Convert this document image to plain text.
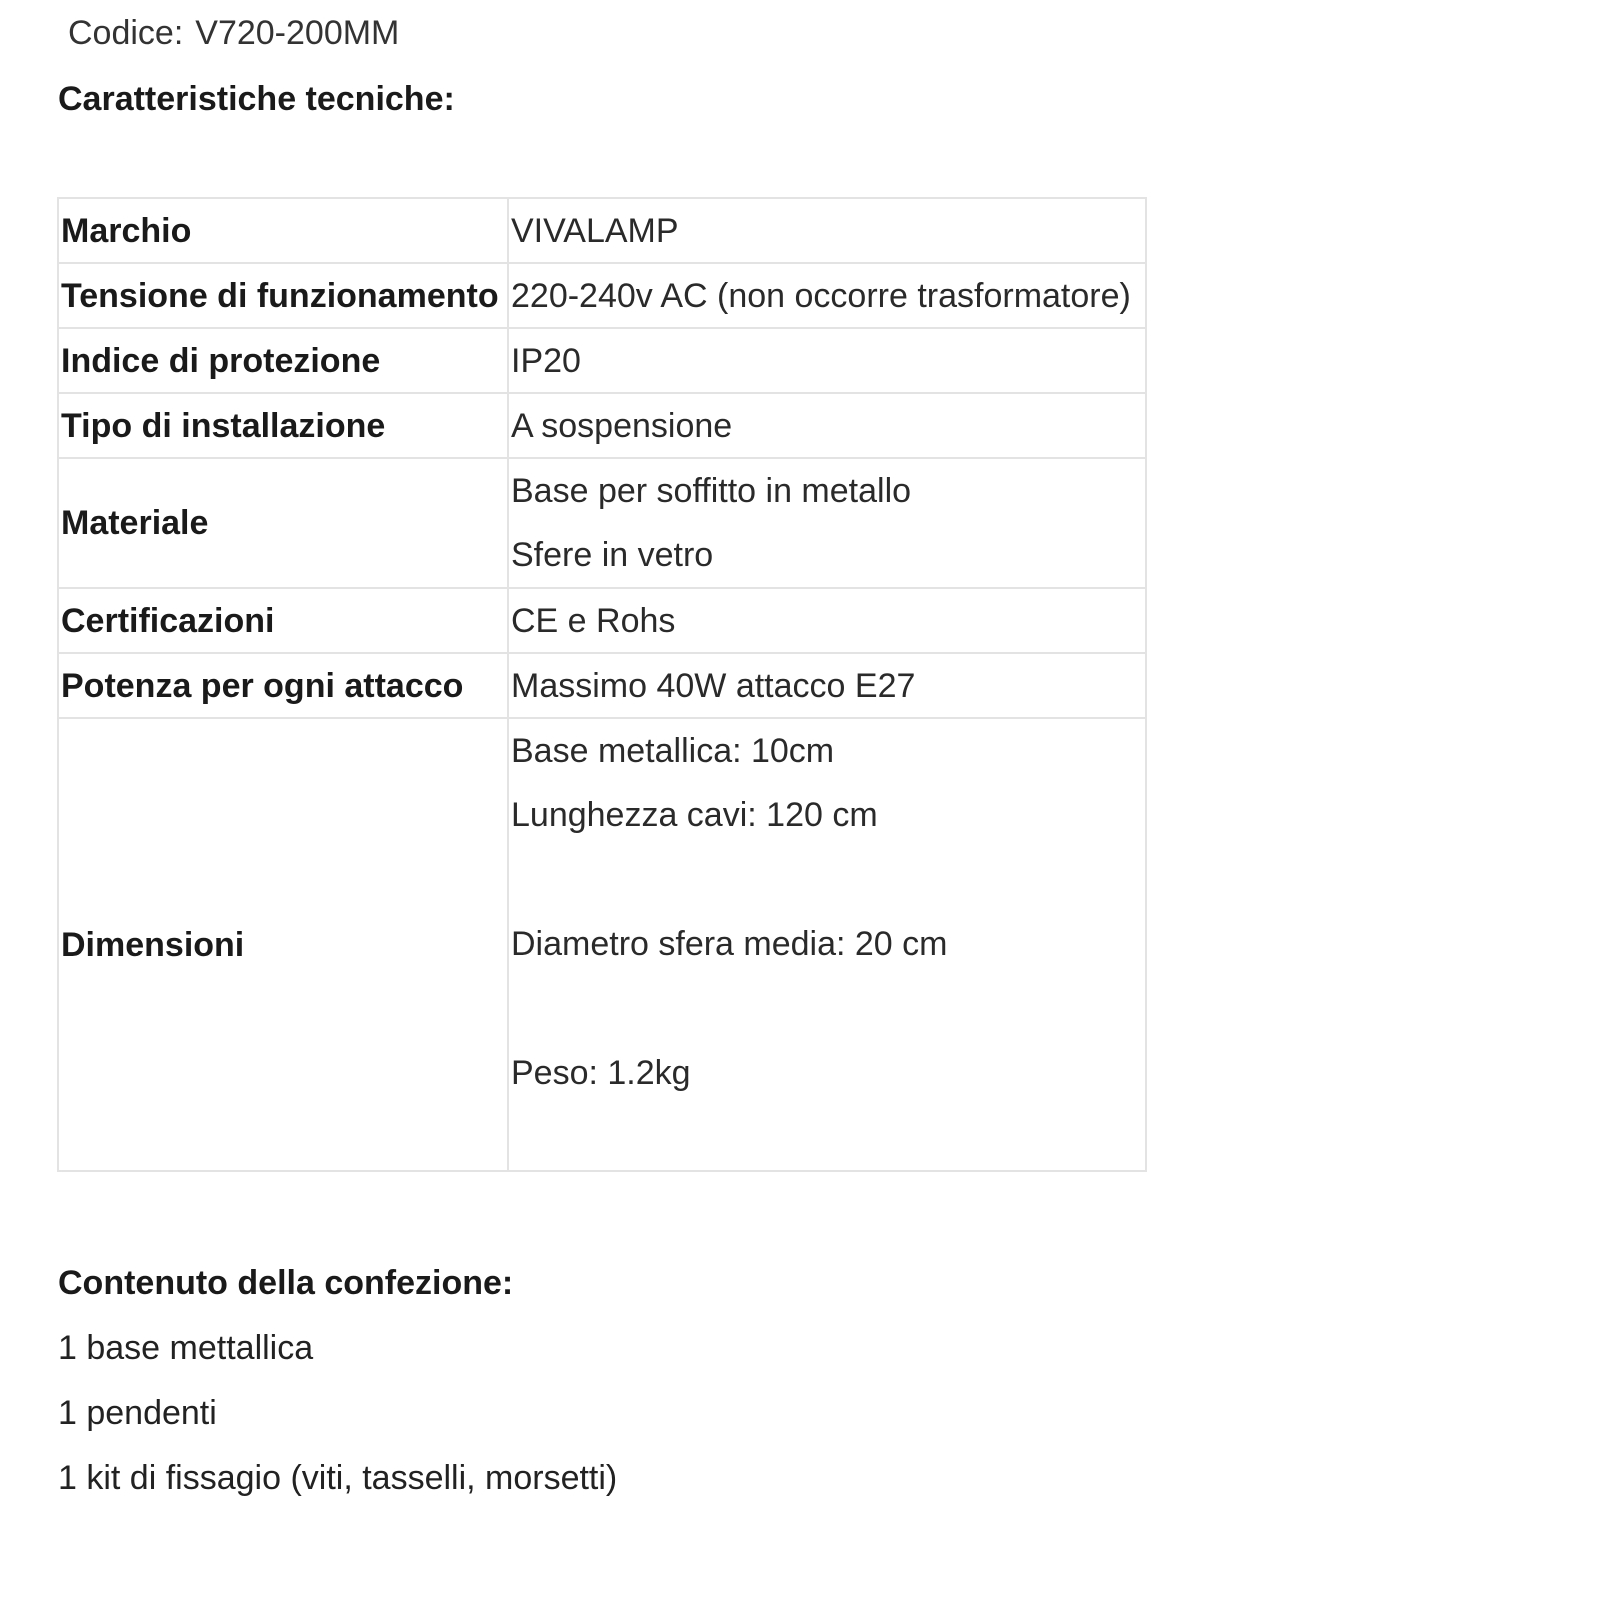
Codice: V720-200MM
Caratteristiche tecniche:
Marchio	VIVALAMP
Tensione di funzionamento	220-240v AC (non occorre trasformatore)
Indice di protezione	IP20
Tipo di installazione	A sospensione
Materiale	Base per soffitto in metallo

Sfere in vetro

Certificazioni	CE e Rohs
Potenza per ogni attacco	Massimo 40W attacco E27
Dimensioni	Base metallica: 10cm

Lunghezza cavi: 120 cm

Diametro sfera media: 20 cm

Peso: 1.2kg

Contenuto della confezione:
1 base mettallica
1 pendenti
1 kit di fissagio (viti, tasselli, morsetti)
